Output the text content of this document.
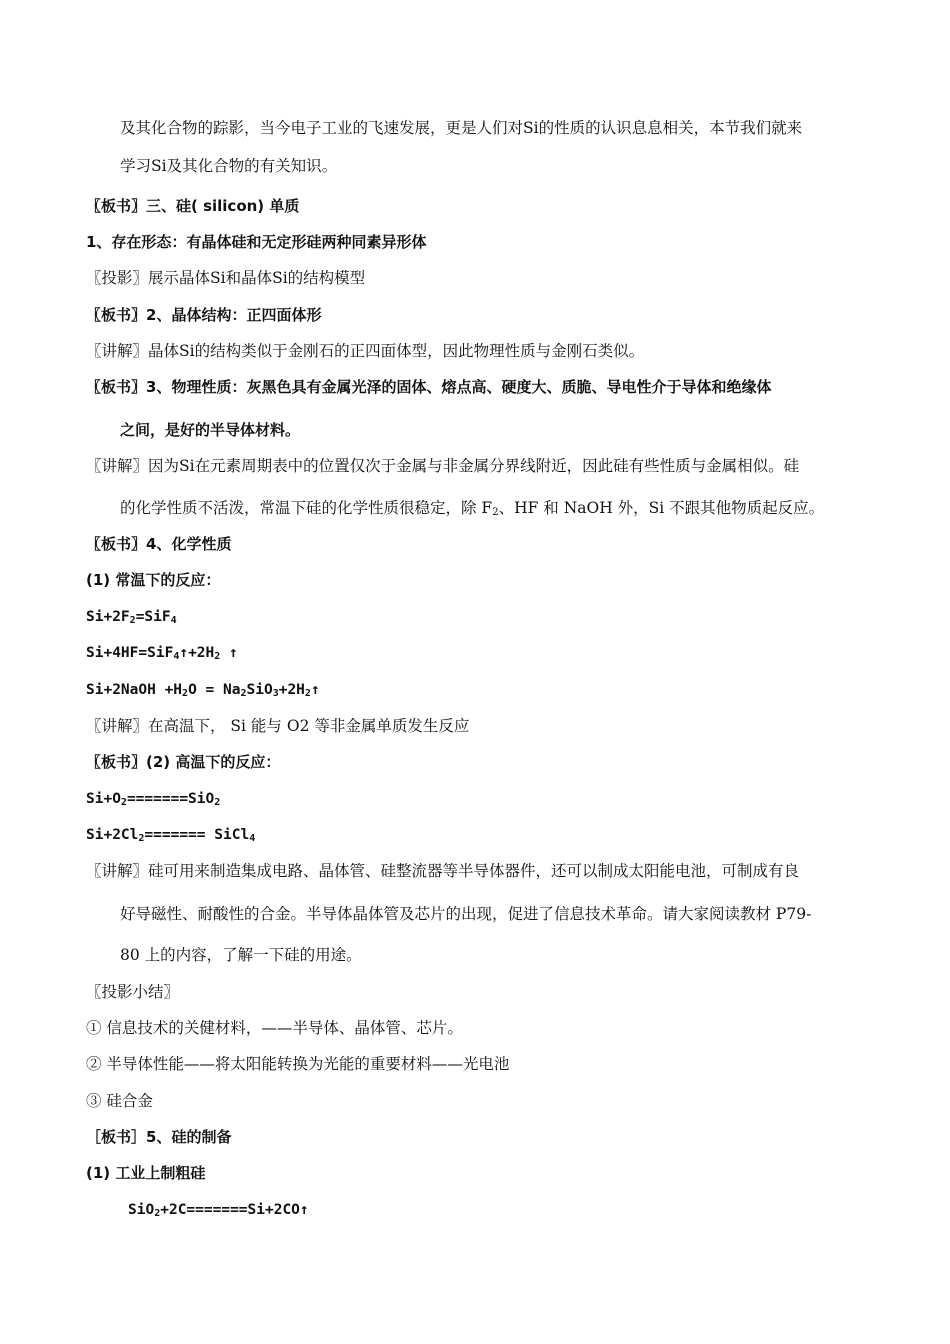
及其化合物的踪影，当今电子工业的飞速发展，更是人们对Si的性质的认识息息相关，本节我们就来
学习Si及其化合物的有关知识。
〖板书〗三、硅( silicon) 单质
1、存在形态：有晶体硅和无定形硅两种同素异形体
〖投影〗展示晶体Si和晶体Si的结构模型
〖板书〗2、晶体结构：正四面体形
〖讲解〗晶体Si的结构类似于金刚石的正四面体型，因此物理性质与金刚石类似。
〖板书〗3、物理性质：灰黑色具有金属光泽的固体、熔点高、硬度大、质脆、导电性介于导体和绝缘体
之间，是好的半导体材料。
〖讲解〗因为Si在元素周期表中的位置仅次于金属与非金属分界线附近，因此硅有些性质与金属相似。硅
的化学性质不活泼，常温下硅的化学性质很稳定，除 $F_2$、HF 和 NaOH 外，Si 不跟其他物质起反应。
〖板书〗4、化学性质
(1) 常温下的反应：
$Si+2F_2=SiF_4$
$Si+4HF=SiF_4↑+2H_2$ ↑
Si+2NaOH $+H_2O$ = $Na_2SiO_3+2H_2↑$
〖讲解〗在高温下， Si 能与 O2 等非金属单质发生反应
〖板书〗(2) 高温下的反应：
$Si+O_2=======SiO_2$
$Si+2Cl_2=======$ SiCl$_4$
〖讲解〗硅可用来制造集成电路、晶体管、硅整流器等半导体器件，还可以制成太阳能电池，可制成有良
好导磁性、耐酸性的合金。半导体晶体管及芯片的出现，促进了信息技术革命。请大家阅读教材 P79-
80 上的内容，了解一下硅的用途。
〖投影小结〗
① 信息技术的关健材料，——半导体、晶体管、芯片。
② 半导体性能——将太阳能转换为光能的重要材料——光电池
③ 硅合金
［板书］5、硅的制备
(1) 工业上制粗硅
SiO$_2$+2C=======Si+2CO↑
